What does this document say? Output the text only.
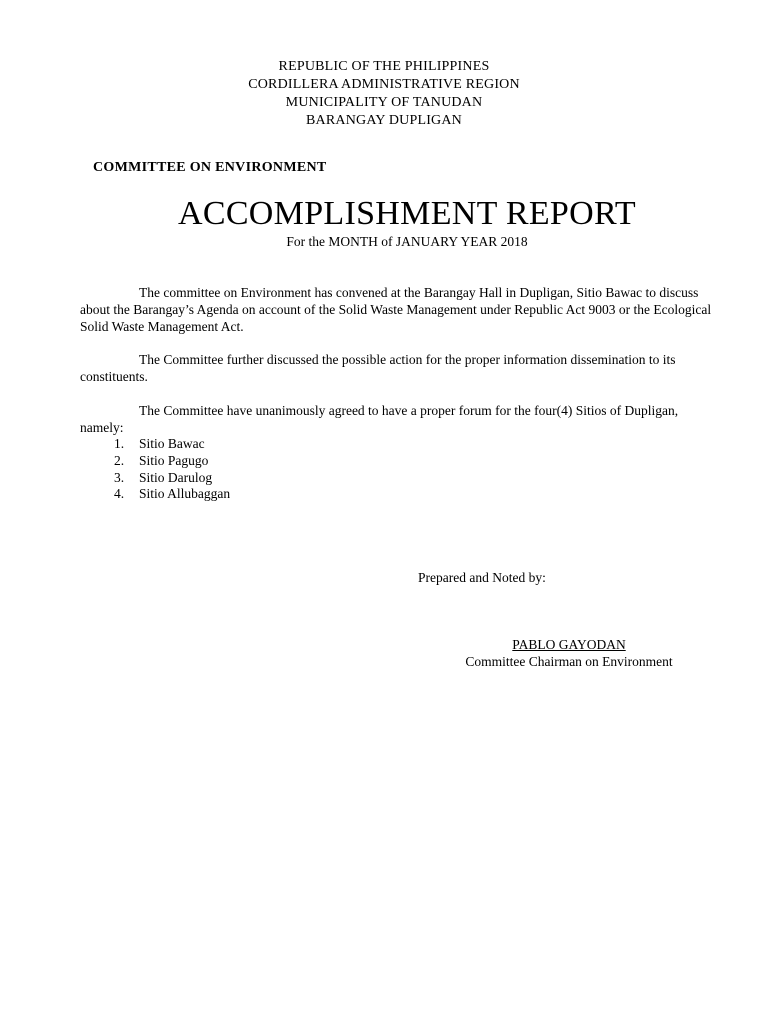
REPUBLIC OF THE PHILIPPINES
CORDILLERA ADMINISTRATIVE REGION
MUNICIPALITY OF TANUDAN
BARANGAY DUPLIGAN
COMMITTEE ON ENVIRONMENT
ACCOMPLISHMENT REPORT
For the MONTH of JANUARY YEAR 2018

The committee on Environment has convened at the Barangay Hall in Dupligan, Sitio Bawac to discuss about the Barangay’s Agenda on account of the Solid Waste Management under Republic Act 9003 or the Ecological Solid Waste Management Act.

The Committee further discussed the possible action for the proper information dissemination to its constituents.

The Committee have unanimously agreed to have a proper forum for the four(4) Sitios of Dupligan, namely:

1.	Sitio Bawac
2.	Sitio Pagugo
3.	Sitio Darulog
4.	Sitio Allubaggan
Prepared and Noted by:
PABLO GAYODAN
Committee Chairman on Environment
